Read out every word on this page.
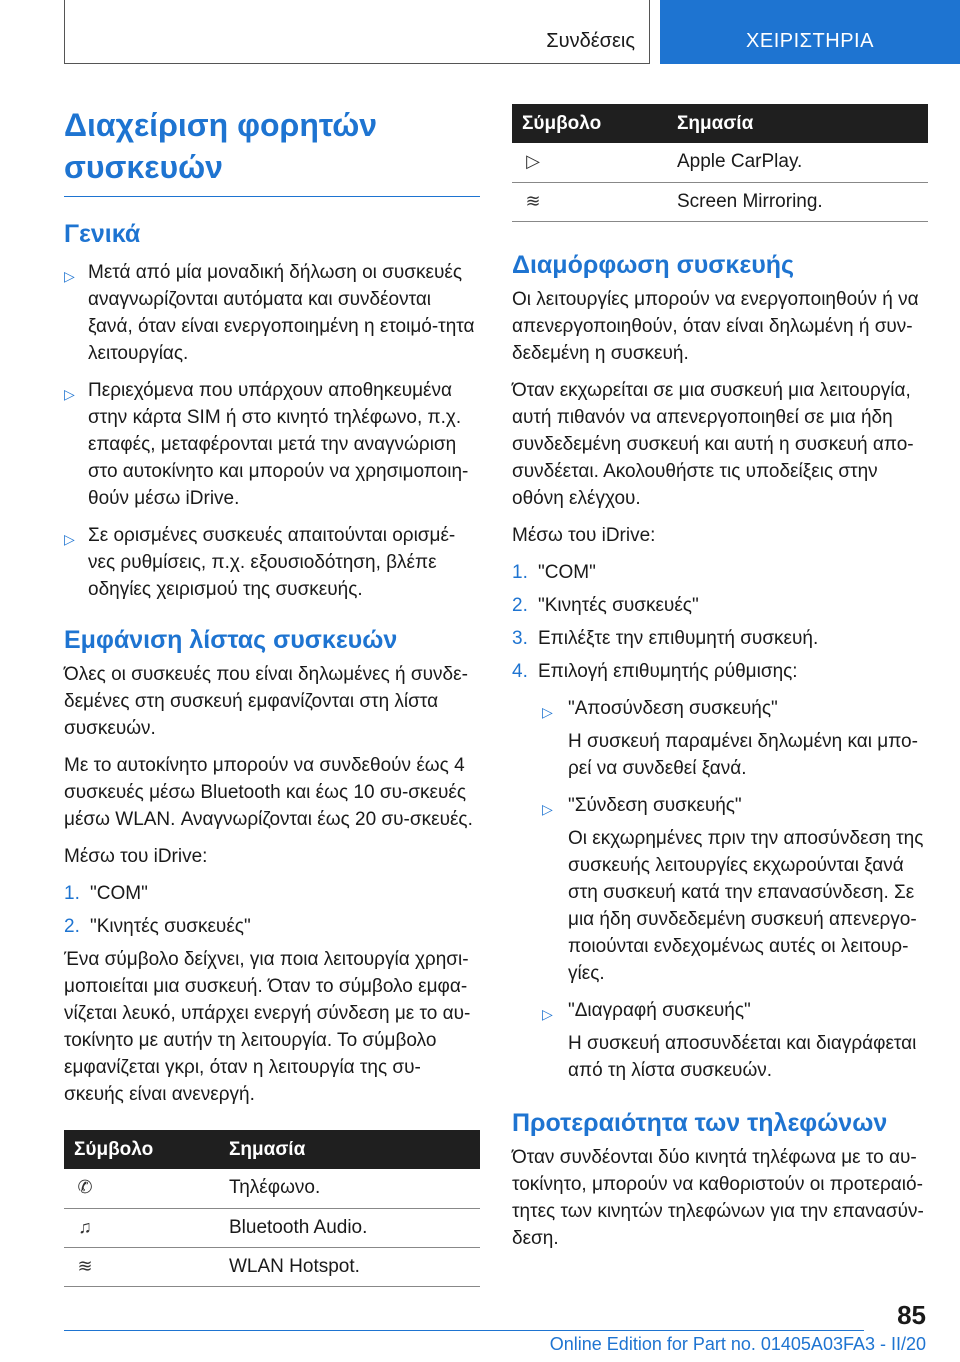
Συνδέσεις	ΧΕΙΡΙΣΤΗΡΙΑ
Διαχείριση φορητών συσκευών
Γενικά
▷ Μετά από μία μοναδική δήλωση οι συσκευές αναγνωρίζονται αυτόματα και συνδέονται ξανά, όταν είναι ενεργοποιημένη η ετοιμό-τητα λειτουργίας.
▷ Περιεχόμενα που υπάρχουν αποθηκευμένα στην κάρτα SIM ή στο κινητό τηλέφωνο, π.χ. επαφές, μεταφέρονται μετά την αναγνώριση στο αυτοκίνητο και μπορούν να χρησιμοποιη-θούν μέσω iDrive.
▷ Σε ορισμένες συσκευές απαιτούνται ορισμέ-νες ρυθμίσεις, π.χ. εξουσιοδότηση, βλέπε οδηγίες χειρισμού της συσκευής.
Εμφάνιση λίστας συσκευών

Όλες οι συσκευές που είναι δηλωμένες ή συνδε-δεμένες στη συσκευή εμφανίζονται στη λίστα συσκευών.

Με το αυτοκίνητο μπορούν να συνδεθούν έως 4 συσκευές μέσω Bluetooth και έως 10 συ-σκευές μέσω WLAN. Αναγνωρίζονται έως 20 συ-σκευές.

Μέσω του iDrive:

1. "COM"
2. "Κινητές συσκευές"

Ένα σύμβολο δείχνει, για ποια λειτουργία χρησι-μοποιείται μια συσκευή. Όταν το σύμβολο εμφα-νίζεται λευκό, υπάρχει ενεργή σύνδεση με το αυ-τοκίνητο με αυτήν τη λειτουργία. Το σύμβολο εμφανίζεται γκρι, όταν η λειτουργία της συ-σκευής είναι ανενεργή.

Σύμβολο	Σημασία
✆	Τηλέφωνο.
♫	Bluetooth Audio.
≋	WLAN Hotspot.
Σύμβολο	Σημασία
▷	Apple CarPlay.
≋	Screen Mirroring.
Διαμόρφωση συσκευής

Οι λειτουργίες μπορούν να ενεργοποιηθούν ή να απενεργοποιηθούν, όταν είναι δηλωμένη ή συν-δεδεμένη η συσκευή.

Όταν εκχωρείται σε μια συσκευή μια λειτουργία, αυτή πιθανόν να απενεργοποιηθεί σε μια ήδη συνδεδεμένη συσκευή και αυτή η συσκευή απο-συνδέεται. Ακολουθήστε τις υποδείξεις στην οθόνη ελέγχου.

Μέσω του iDrive:

1. "COM"
2. "Κινητές συσκευές"
3. Επιλέξτε την επιθυμητή συσκευή.
4. Επιλογή επιθυμητής ρύθμισης:
▷ "Αποσύνδεση συσκευής"
Η συσκευή παραμένει δηλωμένη και μπο-ρεί να συνδεθεί ξανά.
▷ "Σύνδεση συσκευής"
Οι εκχωρημένες πριν την αποσύνδεση της συσκευής λειτουργίες εκχωρούνται ξανά στη συσκευή κατά την επανασύνδεση. Σε μια ήδη συνδεδεμένη συσκευή απενεργο-ποιούνται ενδεχομένως αυτές οι λειτουρ-γίες.
▷ "Διαγραφή συσκευής"
Η συσκευή αποσυνδέεται και διαγράφεται από τη λίστα συσκευών.
Προτεραιότητα των τηλεφώνων

Όταν συνδέονται δύο κινητά τηλέφωνα με το αυ-τοκίνητο, μπορούν να καθοριστούν οι προτεραιό-τητες των κινητών τηλεφώνων για την επανασύν-δεση.

85
Online Edition for Part no. 01405A03FA3 - II/20
